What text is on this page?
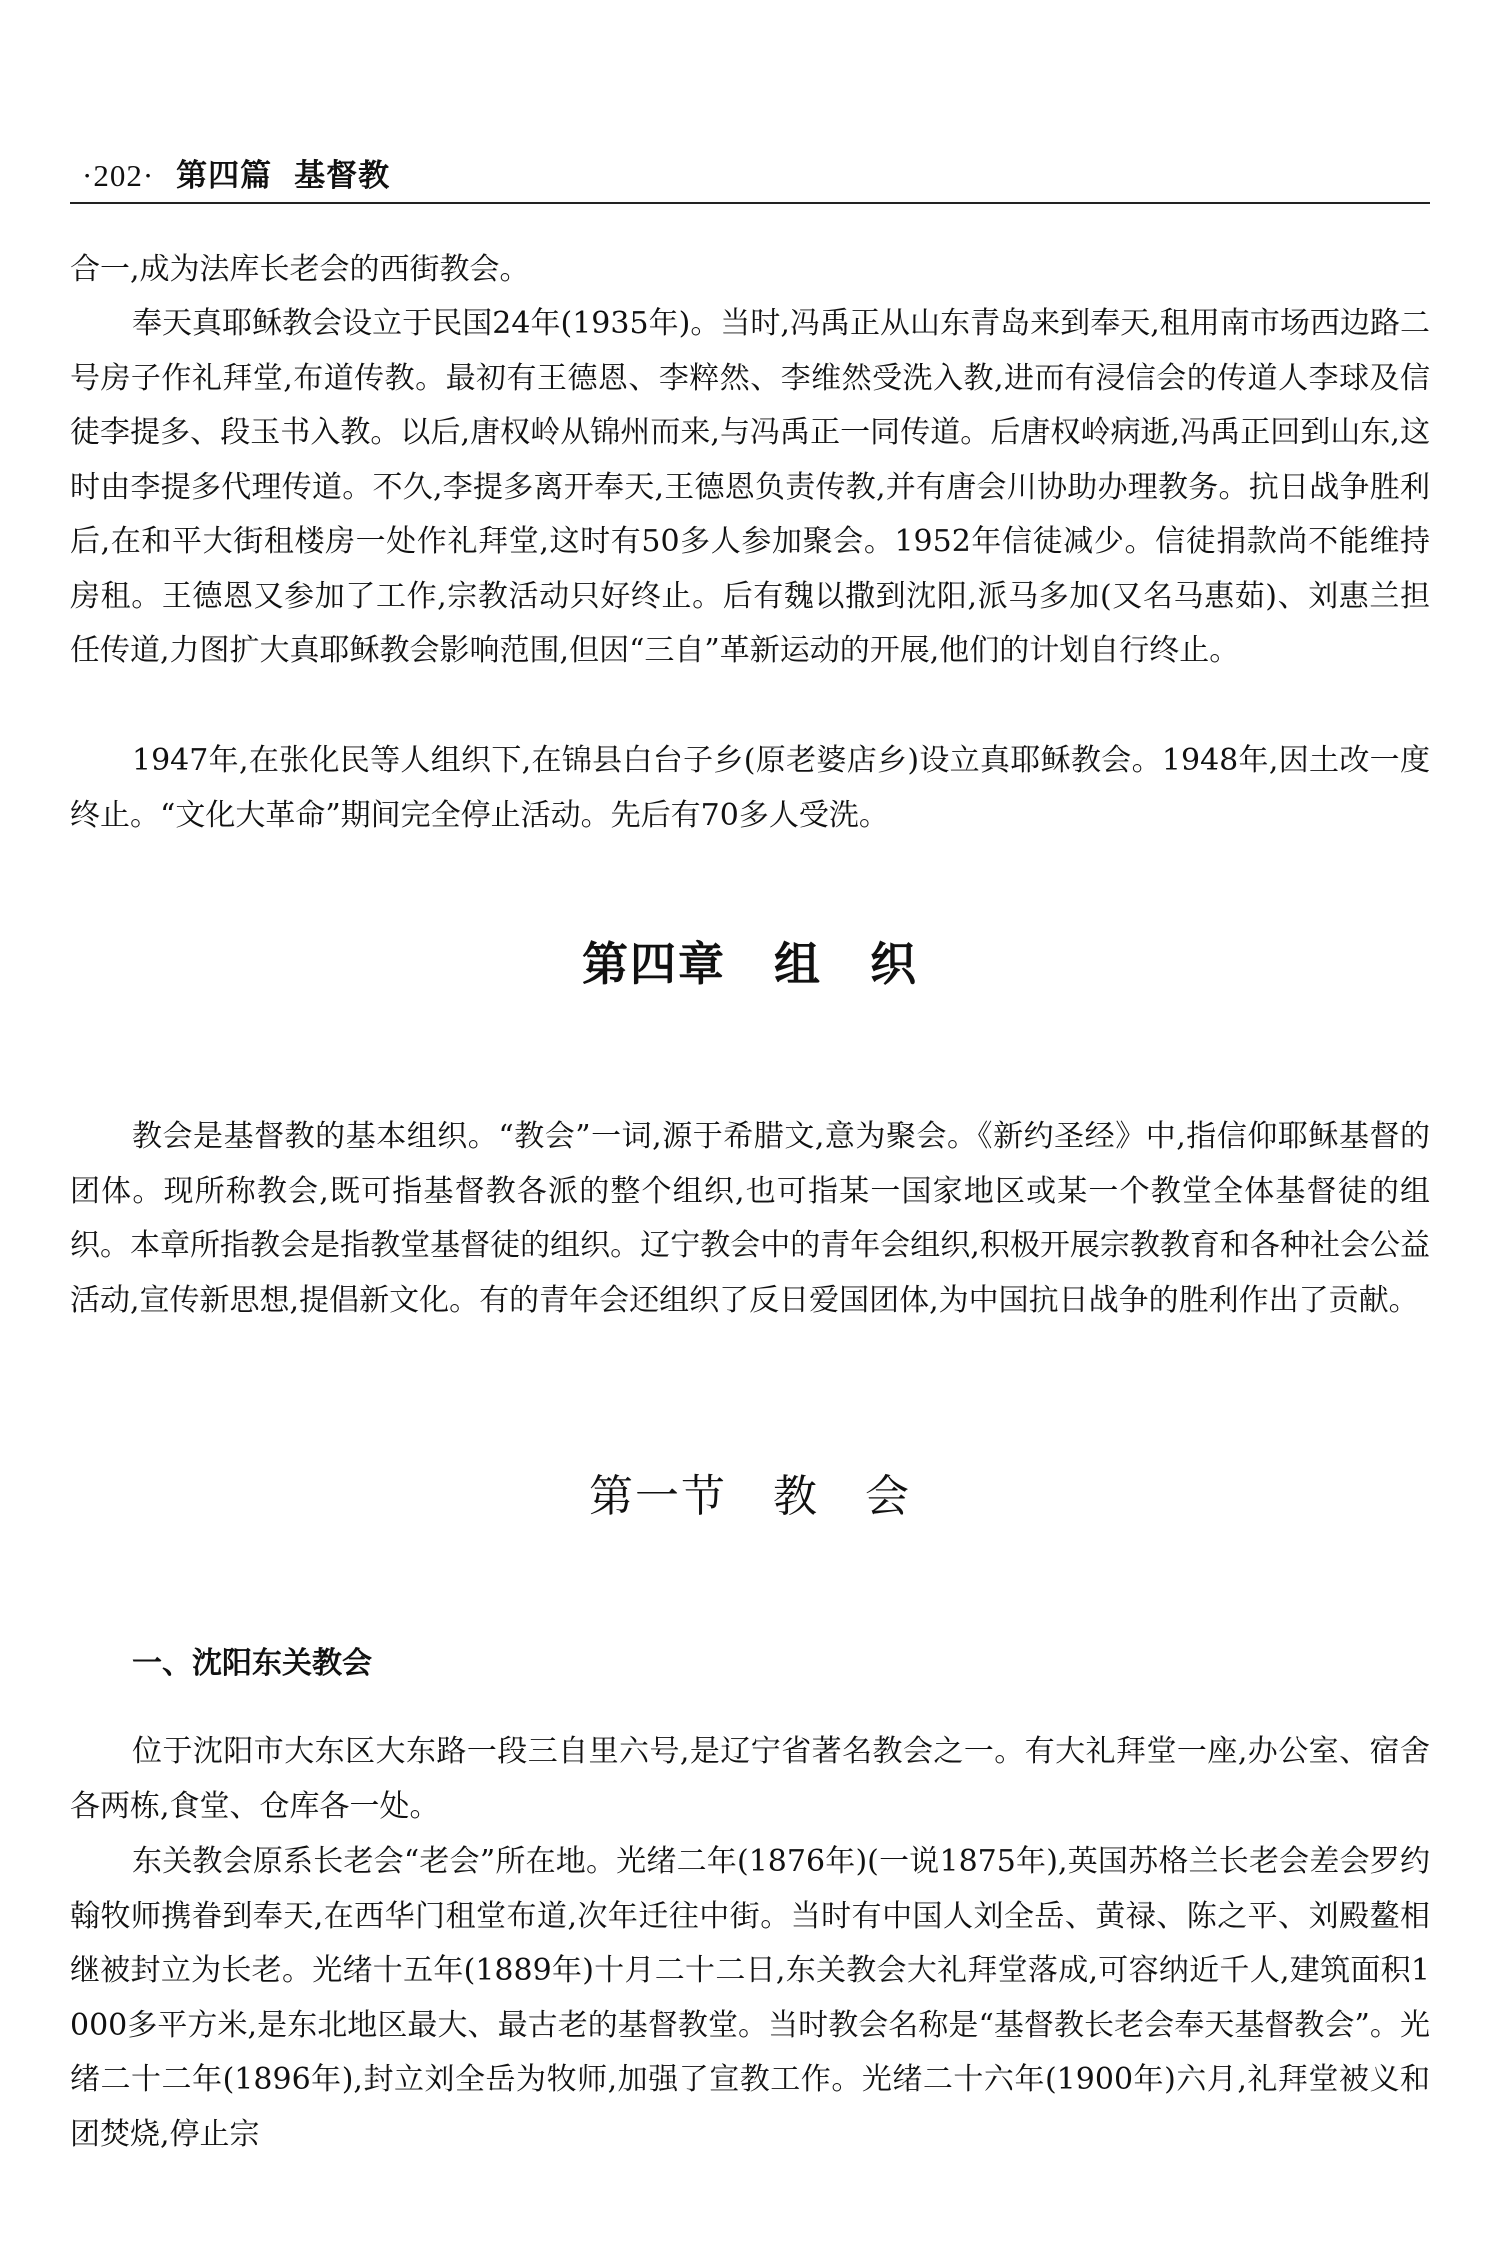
·202· 第四篇 基督教

合一,成为法库长老会的西街教会。

奉天真耶稣教会设立于民国24年(1935年)。当时,冯禹正从山东青岛来到奉天,租用南市场西边路二号房子作礼拜堂,布道传教。最初有王德恩、李粹然、李维然受洗入教,进而有浸信会的传道人李球及信徒李提多、段玉书入教。以后,唐权岭从锦州而来,与冯禹正一同传道。后唐权岭病逝,冯禹正回到山东,这时由李提多代理传道。不久,李提多离开奉天,王德恩负责传教,并有唐会川协助办理教务。抗日战争胜利后,在和平大街租楼房一处作礼拜堂,这时有50多人参加聚会。1952年信徒减少。信徒捐款尚不能维持房租。王德恩又参加了工作,宗教活动只好终止。后有魏以撒到沈阳,派马多加(又名马惠茹)、刘惠兰担任传道,力图扩大真耶稣教会影响范围,但因“三自”革新运动的开展,他们的计划自行终止。

1947年,在张化民等人组织下,在锦县白台子乡(原老婆店乡)设立真耶稣教会。1948年,因土改一度终止。“文化大革命”期间完全停止活动。先后有70多人受洗。

第四章　组　织

教会是基督教的基本组织。“教会”一词,源于希腊文,意为聚会。《新约圣经》中,指信仰耶稣基督的团体。现所称教会,既可指基督教各派的整个组织,也可指某一国家地区或某一个教堂全体基督徒的组织。本章所指教会是指教堂基督徒的组织。辽宁教会中的青年会组织,积极开展宗教教育和各种社会公益活动,宣传新思想,提倡新文化。有的青年会还组织了反日爱国团体,为中国抗日战争的胜利作出了贡献。

第一节　教　会
一、沈阳东关教会

位于沈阳市大东区大东路一段三自里六号,是辽宁省著名教会之一。有大礼拜堂一座,办公室、宿舍各两栋,食堂、仓库各一处。

东关教会原系长老会“老会”所在地。光绪二年(1876年)(一说1875年),英国苏格兰长老会差会罗约翰牧师携眷到奉天,在西华门租堂布道,次年迁往中街。当时有中国人刘全岳、黄禄、陈之平、刘殿鳌相继被封立为长老。光绪十五年(1889年)十月二十二日,东关教会大礼拜堂落成,可容纳近千人,建筑面积1 000多平方米,是东北地区最大、最古老的基督教堂。当时教会名称是“基督教长老会奉天基督教会”。光绪二十二年(1896年),封立刘全岳为牧师,加强了宣教工作。光绪二十六年(1900年)六月,礼拜堂被义和团焚烧,停止宗
